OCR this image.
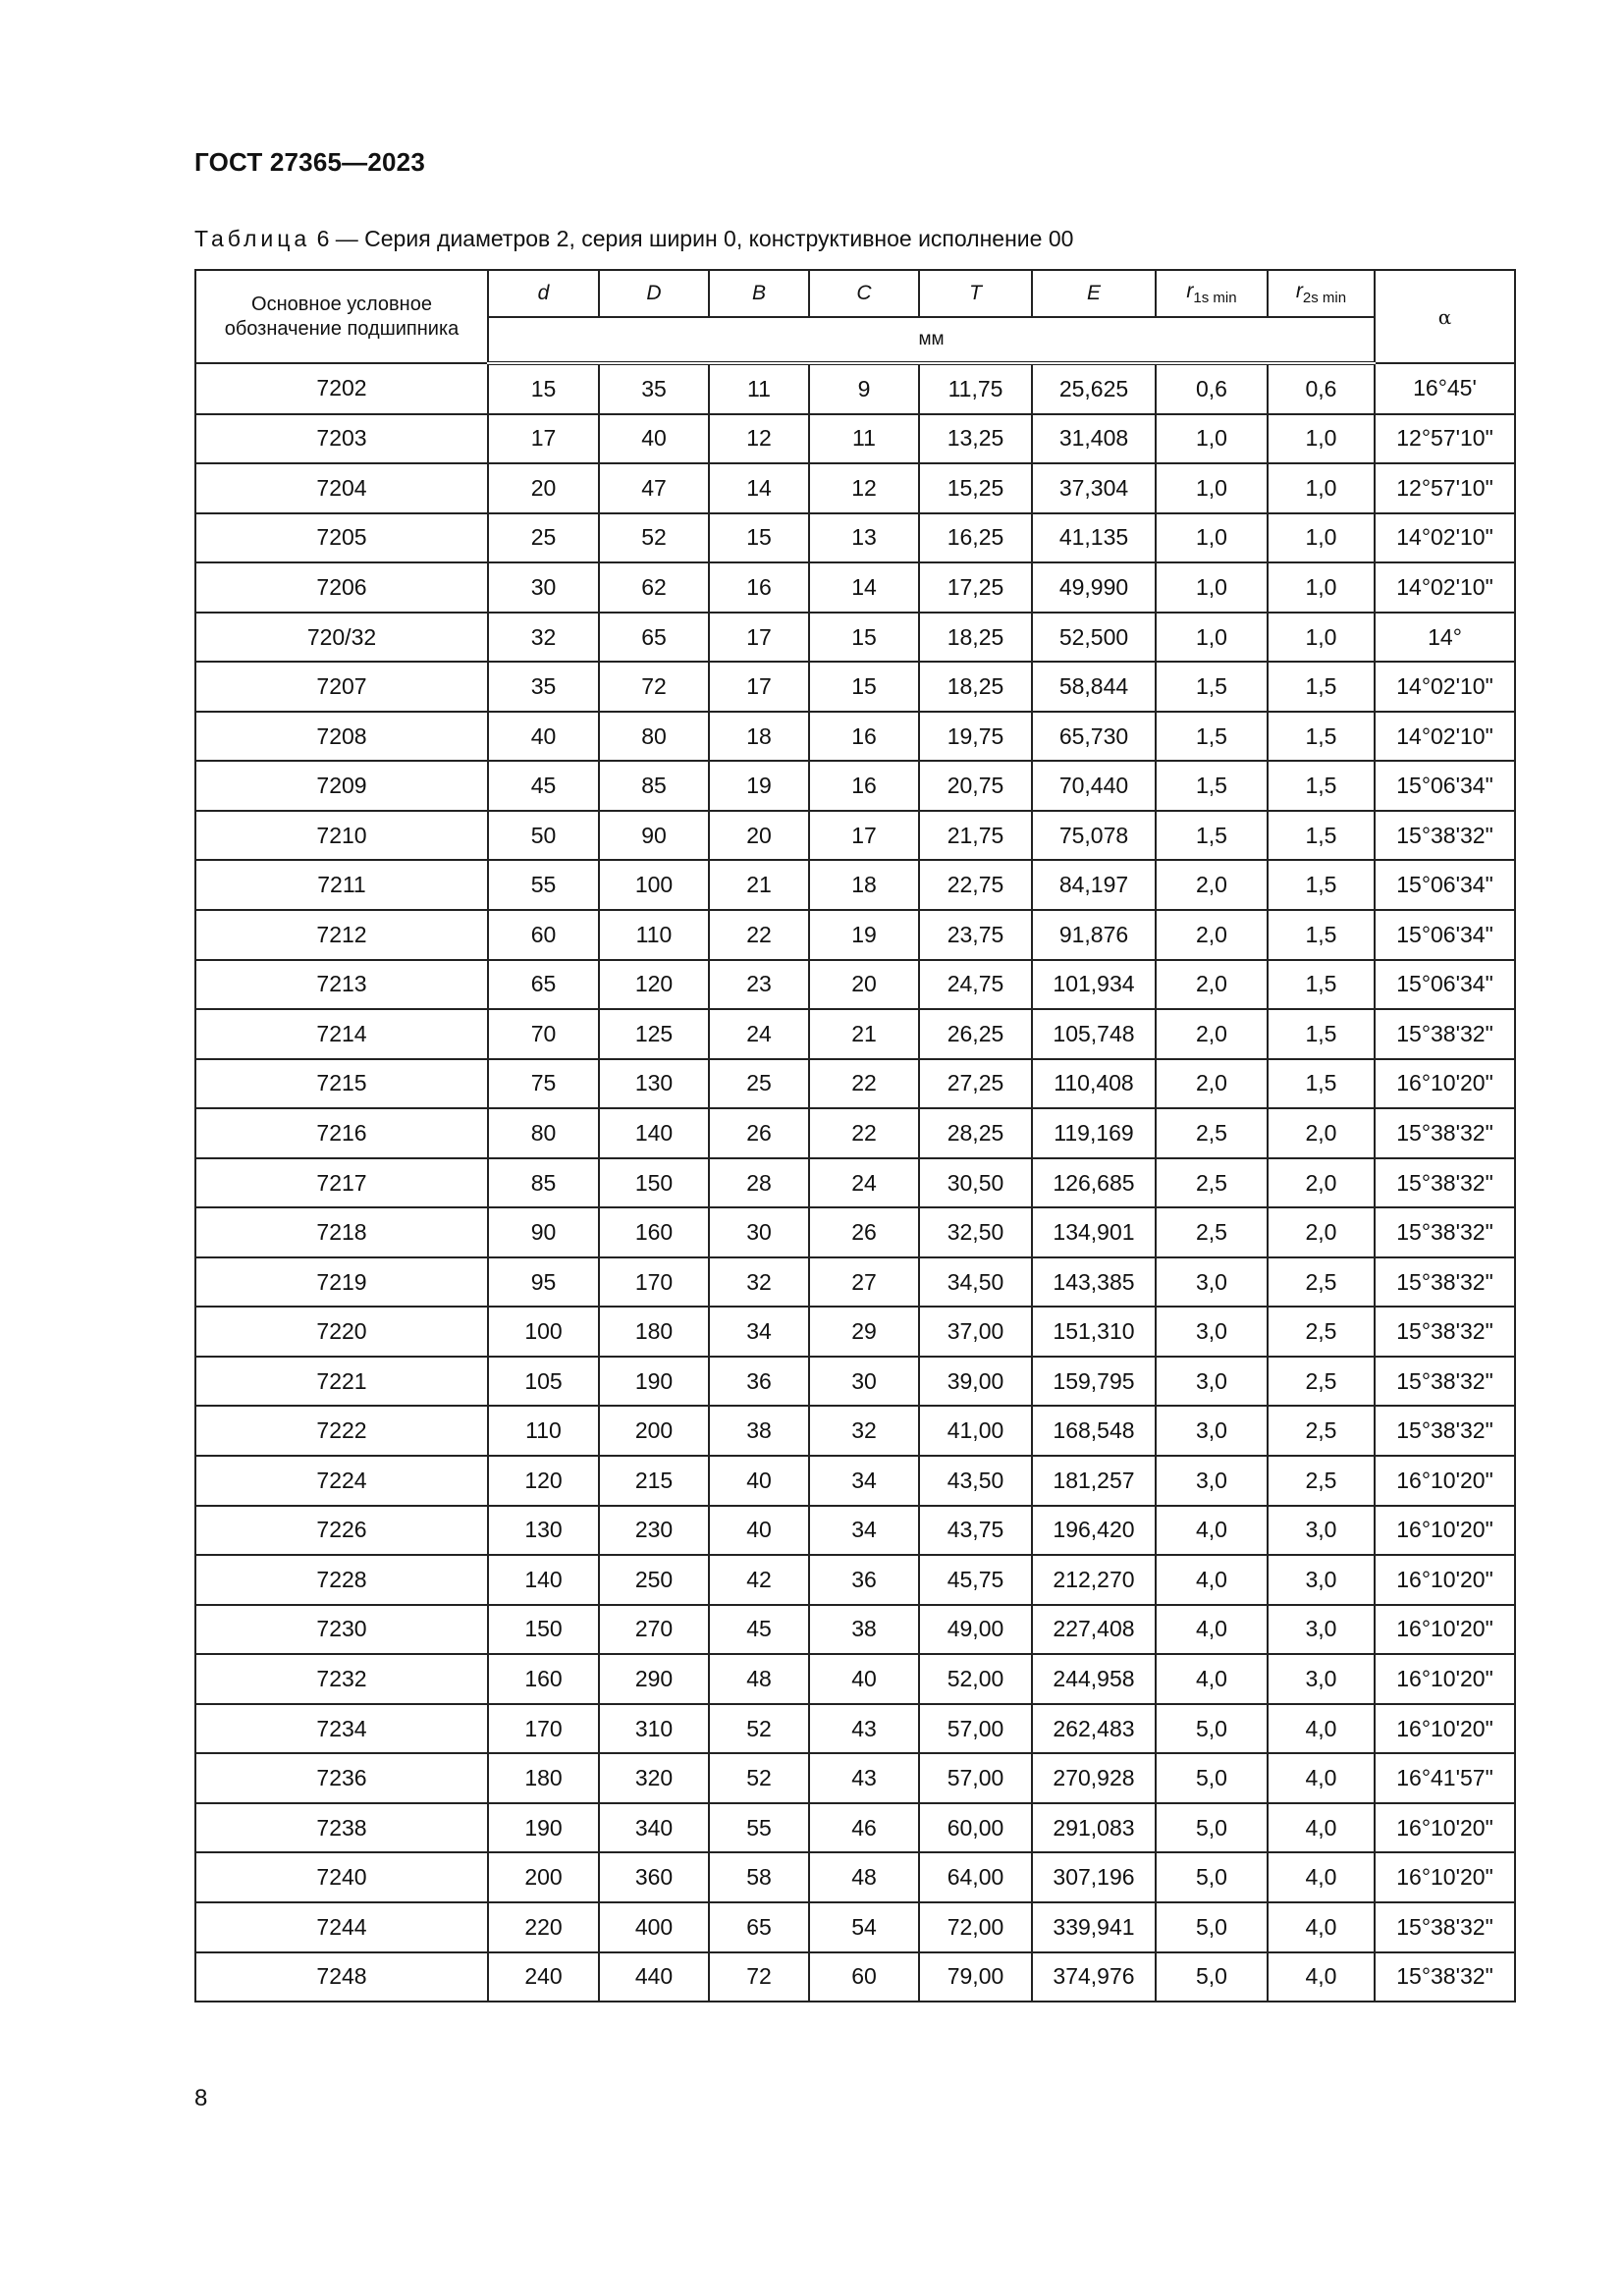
ГОСТ 27365—2023
Таблица 6 — Серия диаметров 2, серия ширин 0, конструктивное исполнение 00
Основное условное обозначение подшипника	d	D	B	C	T	E	$r_{1s min}$	$r_{2s min}$	α
	мм								
7202	15	35	11	9	11,75	25,625	0,6	0,6	16°45'
7203	17	40	12	11	13,25	31,408	1,0	1,0	12°57'10"
7204	20	47	14	12	15,25	37,304	1,0	1,0	12°57'10"
7205	25	52	15	13	16,25	41,135	1,0	1,0	14°02'10"
7206	30	62	16	14	17,25	49,990	1,0	1,0	14°02'10"
720/32	32	65	17	15	18,25	52,500	1,0	1,0	14°
7207	35	72	17	15	18,25	58,844	1,5	1,5	14°02'10"
7208	40	80	18	16	19,75	65,730	1,5	1,5	14°02'10"
7209	45	85	19	16	20,75	70,440	1,5	1,5	15°06'34"
7210	50	90	20	17	21,75	75,078	1,5	1,5	15°38'32"
7211	55	100	21	18	22,75	84,197	2,0	1,5	15°06'34"
7212	60	110	22	19	23,75	91,876	2,0	1,5	15°06'34"
7213	65	120	23	20	24,75	101,934	2,0	1,5	15°06'34"
7214	70	125	24	21	26,25	105,748	2,0	1,5	15°38'32"
7215	75	130	25	22	27,25	110,408	2,0	1,5	16°10'20"
7216	80	140	26	22	28,25	119,169	2,5	2,0	15°38'32"
7217	85	150	28	24	30,50	126,685	2,5	2,0	15°38'32"
7218	90	160	30	26	32,50	134,901	2,5	2,0	15°38'32"
7219	95	170	32	27	34,50	143,385	3,0	2,5	15°38'32"
7220	100	180	34	29	37,00	151,310	3,0	2,5	15°38'32"
7221	105	190	36	30	39,00	159,795	3,0	2,5	15°38'32"
7222	110	200	38	32	41,00	168,548	3,0	2,5	15°38'32"
7224	120	215	40	34	43,50	181,257	3,0	2,5	16°10'20"
7226	130	230	40	34	43,75	196,420	4,0	3,0	16°10'20"
7228	140	250	42	36	45,75	212,270	4,0	3,0	16°10'20"
7230	150	270	45	38	49,00	227,408	4,0	3,0	16°10'20"
7232	160	290	48	40	52,00	244,958	4,0	3,0	16°10'20"
7234	170	310	52	43	57,00	262,483	5,0	4,0	16°10'20"
7236	180	320	52	43	57,00	270,928	5,0	4,0	16°41'57"
7238	190	340	55	46	60,00	291,083	5,0	4,0	16°10'20"
7240	200	360	58	48	64,00	307,196	5,0	4,0	16°10'20"
7244	220	400	65	54	72,00	339,941	5,0	4,0	15°38'32"
7248	240	440	72	60	79,00	374,976	5,0	4,0	15°38'32"
8
